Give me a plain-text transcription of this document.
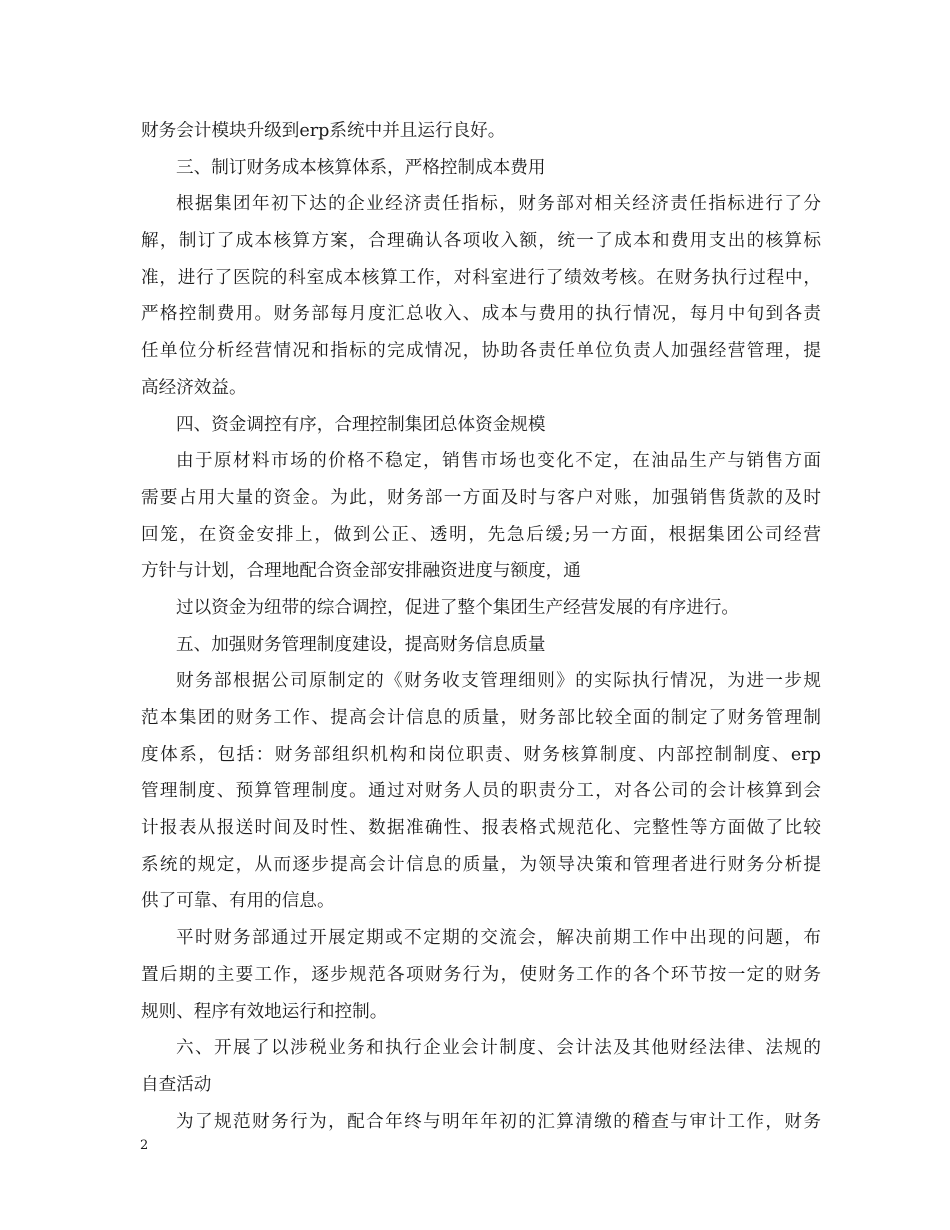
财务会计模块升级到erp系统中并且运行良好。
三、制订财务成本核算体系，严格控制成本费用
根据集团年初下达的企业经济责任指标，财务部对相关经济责任指标进行了分
解，制订了成本核算方案，合理确认各项收入额，统一了成本和费用支出的核算标
准，进行了医院的科室成本核算工作，对科室进行了绩效考核。在财务执行过程中，
严格控制费用。财务部每月度汇总收入、成本与费用的执行情况，每月中旬到各责
任单位分析经营情况和指标的完成情况，协助各责任单位负责人加强经营管理，提
高经济效益。
四、资金调控有序，合理控制集团总体资金规模
由于原材料市场的价格不稳定，销售市场也变化不定，在油品生产与销售方面
需要占用大量的资金。为此，财务部一方面及时与客户对账，加强销售货款的及时
回笼，在资金安排上，做到公正、透明，先急后缓;另一方面，根据集团公司经营
方针与计划，合理地配合资金部安排融资进度与额度，通
过以资金为纽带的综合调控，促进了整个集团生产经营发展的有序进行。
五、加强财务管理制度建设，提高财务信息质量
财务部根据公司原制定的《财务收支管理细则》的实际执行情况，为进一步规
范本集团的财务工作、提高会计信息的质量，财务部比较全面的制定了财务管理制
度体系，包括：财务部组织机构和岗位职责、财务核算制度、内部控制制度、erp
管理制度、预算管理制度。通过对财务人员的职责分工，对各公司的会计核算到会
计报表从报送时间及时性、数据准确性、报表格式规范化、完整性等方面做了比较
系统的规定，从而逐步提高会计信息的质量，为领导决策和管理者进行财务分析提
供了可靠、有用的信息。
平时财务部通过开展定期或不定期的交流会，解决前期工作中出现的问题，布
置后期的主要工作，逐步规范各项财务行为，使财务工作的各个环节按一定的财务
规则、程序有效地运行和控制。
六、开展了以涉税业务和执行企业会计制度、会计法及其他财经法律、法规的
自查活动
为了规范财务行为，配合年终与明年年初的汇算清缴的稽查与审计工作，财务
2
